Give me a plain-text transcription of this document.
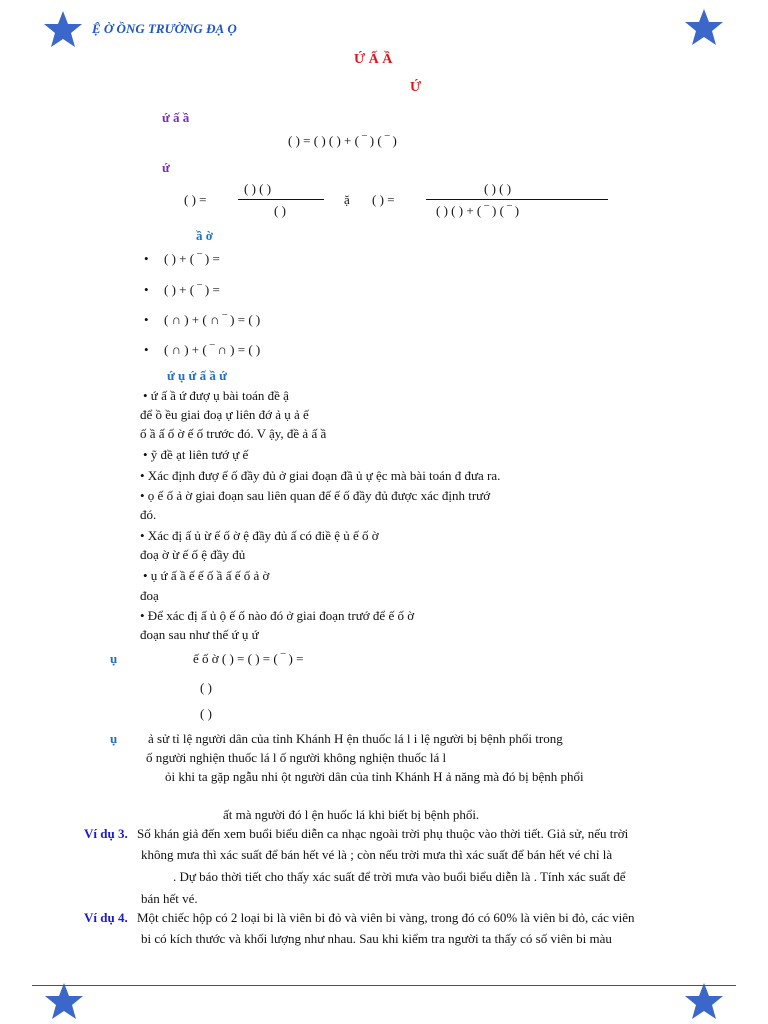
Ệ Ờ ỒNG TRƯỜNG ĐẠ Ọ
Ứ Ấ Ầ
Ứ
ứ ấ ầ
( ) = ( ) ( ) + ( ‾ ) ( ‾ )
ứ
( ) =
( ) ( )
( )
ặ ( ) =
( ) ( )
( ) ( ) + ( ‾ ) ( ‾ )
ầ ờ
• ( ) + ( ‾ ) =
• ( ) + ( ‾ ) =
• ( ∩ ) + ( ∩ ‾ ) = ( )
• ( ∩ ) + ( ‾ ∩ ) = ( )
ứ ụ ứ ấ ầ ứ
• ứ ấ ầ ứ đượ ụ bài toán đề ậ
để ồ ều giai đoạ ự liên đớ ả ụ ả ế
ố ầ ấ ố ờ ế ố trước đó. V ậy, đề ả ấ ầ
• ỹ đề ạt liên tướ ự ế
• Xác định đượ ế ố đầy đủ ở giai đoạn đầ ủ ự ệc mà bài toán đ đưa ra.
• ọ ế ố ả ờ giai đoạn sau liên quan đế ế ố đầy đủ được xác định trướ
đó.
• Xác đị ấ ủ ừ ế ố ờ ệ đầy đủ ấ có điề ệ ủ ế ố ờ
đoạ ờ ừ ế ố ệ đầy đủ
• ụ ứ ấ ầ ế ế ố ầ ấ ế ố ả ờ
đoạ
• Để xác đị ấ ủ ộ ế ố nào đó ở giai đoạn trướ để ế ố ờ
đoạn sau như thế ứ ụ ứ
ụ	ế ố ờ ( ) = ( ) = ( ‾ ) =
( )
( )
ụ ả sử tỉ lệ người dân của tỉnh Khánh H ện thuốc lá l i lệ người bị bệnh phổi trong
ố người nghiện thuốc lá l ố người không nghiện thuốc lá l
ỏi khi ta gặp ngẫu nhi ột người dân của tỉnh Khánh H ả năng mà đó bị bệnh phổi
ất mà người đó l ện huốc lá khi biết bị bệnh phổi.
Ví dụ 3. Số khán giả đến xem buổi biểu diễn ca nhạc ngoài trời phụ thuộc vào thời tiết. Giả sử, nếu trời
không mưa thì xác suất để bán hết vé là ; còn nếu trời mưa thì xác suất để bán hết vé chỉ là
. Dự báo thời tiết cho thấy xác suất để trời mưa vào buổi biểu diễn là . Tính xác suất để
bán hết vé.
Ví dụ 4. Một chiếc hộp có 2 loại bi là viên bi đỏ và viên bi vàng, trong đó có 60% là viên bi đỏ, các viên
bi có kích thước và khối lượng như nhau. Sau khi kiểm tra người ta thấy có số viên bi màu
